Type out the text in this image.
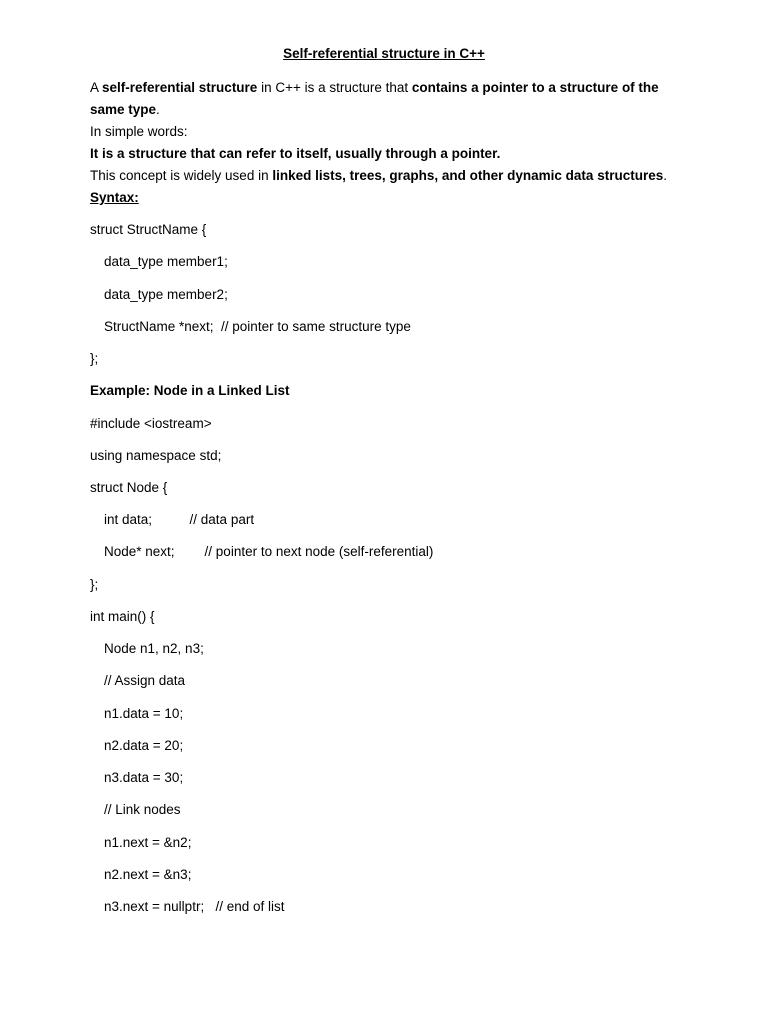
Self-referential structure in C++
A self-referential structure in C++ is a structure that contains a pointer to a structure of the
same type.
In simple words:
It is a structure that can refer to itself, usually through a pointer.
This concept is widely used in linked lists, trees, graphs, and other dynamic data structures.
Syntax:
struct StructName {
data_type member1;
data_type member2;
StructName *next;  // pointer to same structure type
};
Example: Node in a Linked List
#include <iostream>
using namespace std;
struct Node {
int data;          // data part
Node* next;        // pointer to next node (self-referential)
};
int main() {
Node n1, n2, n3;
// Assign data
n1.data = 10;
n2.data = 20;
n3.data = 30;
// Link nodes
n1.next = &n2;
n2.next = &n3;
n3.next = nullptr;   // end of list
